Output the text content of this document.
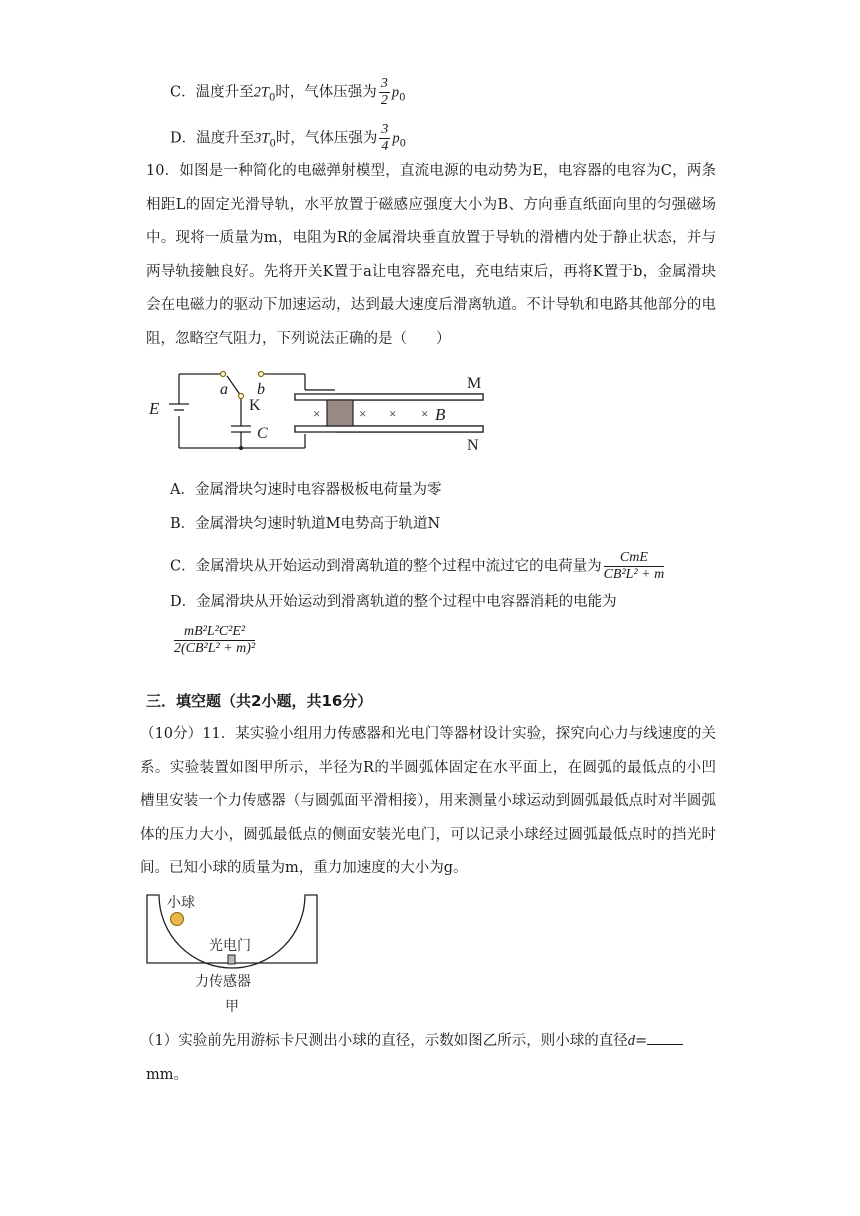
C．温度升至$2T_0$时，气体压强为 $\frac{3}{2} p_0$
D．温度升至$3T_0$时，气体压强为 $\frac{3}{4} p_0$
10．如图是一种简化的电磁弹射模型，直流电源的电动势为E，电容器的电容为C，两条相距L的固定光滑导轨，水平放置于磁感应强度大小为B、方向垂直纸面向里的匀强磁场中。现将一质量为m，电阻为R的金属滑块垂直放置于导轨的滑槽内处于静止状态，并与两导轨接触良好。先将开关K置于a让电容器充电，充电结束后，再将K置于b，金属滑块会在电磁力的驱动下加速运动，达到最大速度后滑离轨道。不计导轨和电路其他部分的电阻，忽略空气阻力，下列说法正确的是（　　）
E
a b
K
C
M
N
B
×	× × ×
A．金属滑块匀速时电容器极板电荷量为零
B．金属滑块匀速时轨道M电势高于轨道N
C．金属滑块从开始运动到滑离轨道的整个过程中流过它的电荷量为 $\frac{\text{CmE}}{\text{CB²L² + m}}$
D．金属滑块从开始运动到滑离轨道的整个过程中电容器消耗的电能为
$\frac{\text{mB²L²C²E²}}{\text{2(CB²L² + m)²}}$
三．填空题（共2小题，共16分）
（10分）11．某实验小组用力传感器和光电门等器材设计实验，探究向心力与线速度的关系。实验装置如图甲所示，半径为R的半圆弧体固定在水平面上，在圆弧的最低点的小凹槽里安装一个力传感器（与圆弧面平滑相接），用来测量小球运动到圆弧最低点时对半圆弧体的压力大小，圆弧最低点的侧面安装光电门，可以记录小球经过圆弧最低点时的挡光时间。已知小球的质量为m，重力加速度的大小为g。
小球
光电门
力传感器
甲
（1）实验前先用游标卡尺测出小球的直径，示数如图乙所示，则小球的直径d=
mm。
